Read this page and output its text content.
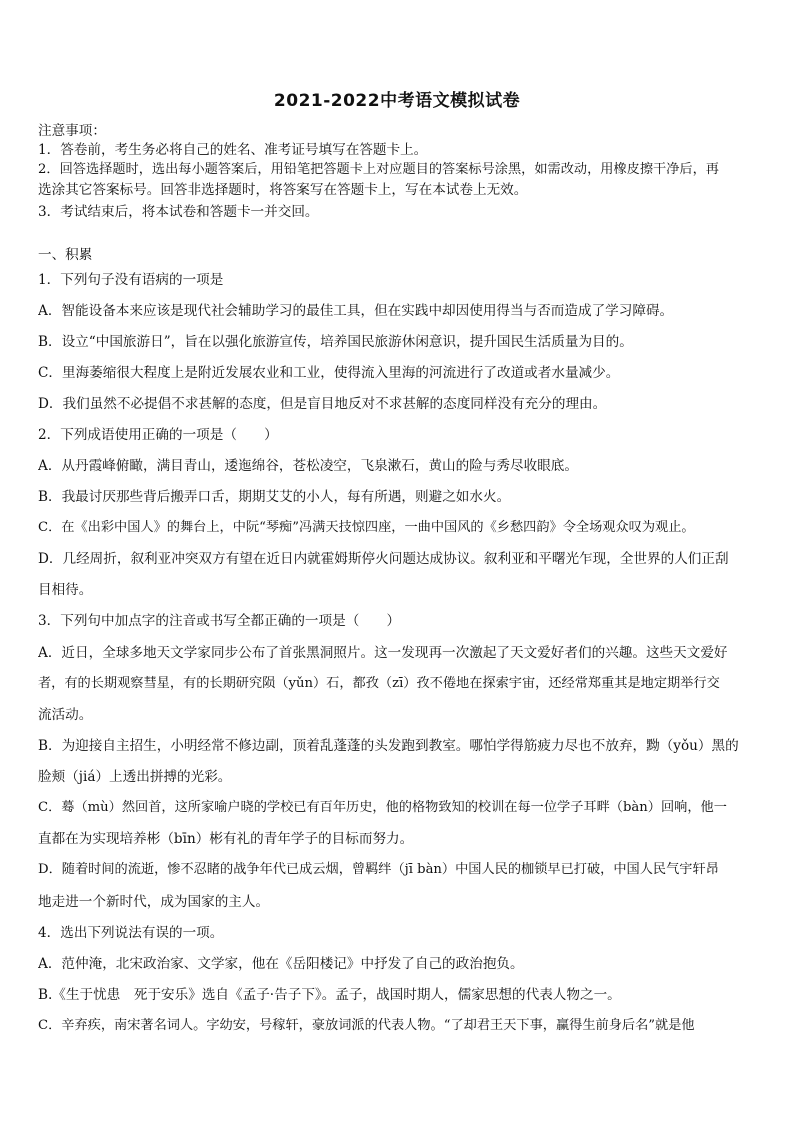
2021-2022中考语文模拟试卷
注意事项：
1．答卷前，考生务必将自己的姓名、准考证号填写在答题卡上。
2．回答选择题时，选出每小题答案后，用铅笔把答题卡上对应题目的答案标号涂黑，如需改动，用橡皮擦干净后，再
选涂其它答案标号。回答非选择题时，将答案写在答题卡上，写在本试卷上无效。
3．考试结束后，将本试卷和答题卡一并交回。
一、积累
1．下列句子没有语病的一项是
A．智能设备本来应该是现代社会辅助学习的最佳工具，但在实践中却因使用得当与否而造成了学习障碍。
B．设立“中国旅游日”，旨在以强化旅游宣传，培养国民旅游休闲意识，提升国民生活质量为目的。
C．里海萎缩很大程度上是附近发展农业和工业，使得流入里海的河流进行了改道或者水量减少。
D．我们虽然不必提倡不求甚解的态度，但是盲目地反对不求甚解的态度同样没有充分的理由。
2．下列成语使用正确的一项是（　　）
A．从丹霞峰俯瞰，满目青山，逶迤绵谷，苍松凌空，飞泉漱石，黄山的险与秀尽收眼底。
B．我最讨厌那些背后搬弄口舌，期期艾艾的小人，每有所遇，则避之如水火。
C．在《出彩中国人》的舞台上，中阮“琴痴”冯满天技惊四座，一曲中国风的《乡愁四韵》令全场观众叹为观止。
D．几经周折，叙利亚冲突双方有望在近日内就霍姆斯停火问题达成协议。叙利亚和平曙光乍现，全世界的人们正刮
目相待。
3．下列句中加点字的注音或书写全都正确的一项是（　　）
A．近日，全球多地天文学家同步公布了首张黑洞照片。这一发现再一次激起了天文爱好者们的兴趣。这些天文爱好
者，有的长期观察彗星，有的长期研究陨（yǔn）石，都孜（zī）孜不倦地在探索宇宙，还经常郑重其是地定期举行交
流活动。
B．为迎接自主招生，小明经常不修边副，顶着乱蓬蓬的头发跑到教室。哪怕学得筋疲力尽也不放弃，黝（yǒu）黑的
脸颊（jiá）上透出拼搏的光彩。
C．蓦（mù）然回首，这所家喻户晓的学校已有百年历史，他的格物致知的校训在每一位学子耳畔（bàn）回响，他一
直都在为实现培养彬（bīn）彬有礼的青年学子的目标而努力。
D．随着时间的流逝，惨不忍睹的战争年代已成云烟，曾羁绊（jī bàn）中国人民的枷锁早已打破，中国人民气宇轩昂
地走进一个新时代，成为国家的主人。
4．选出下列说法有误的一项。
A．范仲淹，北宋政治家、文学家，他在《岳阳楼记》中抒发了自己的政治抱负。
B.《生于忧患　死于安乐》选自《孟子·告子下》。孟子，战国时期人，儒家思想的代表人物之一。
C．辛弃疾，南宋著名词人。字幼安，号稼轩，豪放词派的代表人物。“了却君王天下事，赢得生前身后名”就是他
